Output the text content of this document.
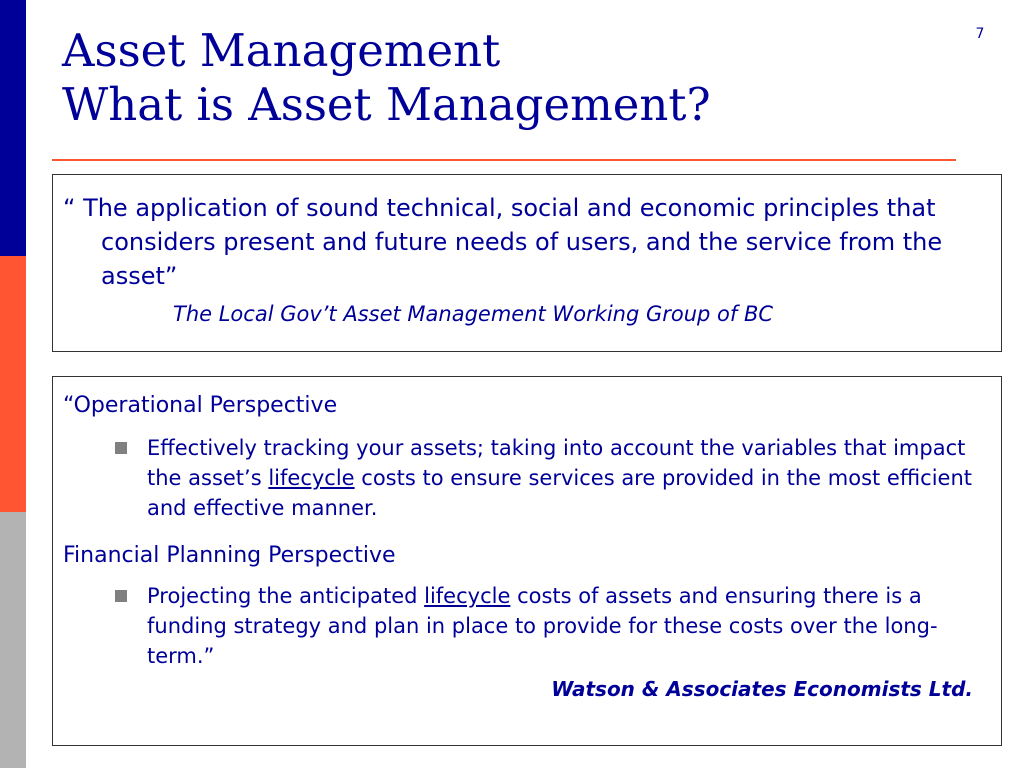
7
Asset Management
What is Asset Management?

“ The application of sound technical, social and economic principles that considers present and future needs of users, and the service from the asset”

The Local Gov’t Asset Management Working Group of BC
“Operational Perspective
Effectively tracking your assets; taking into account the variables that impact the asset’s lifecycle costs to ensure services are provided in the most efficient and effective manner.
Financial Planning Perspective
Projecting the anticipated lifecycle costs of assets and ensuring there is a funding strategy and plan in place to provide for these costs over the long-term.”
Watson & Associates Economists Ltd.
